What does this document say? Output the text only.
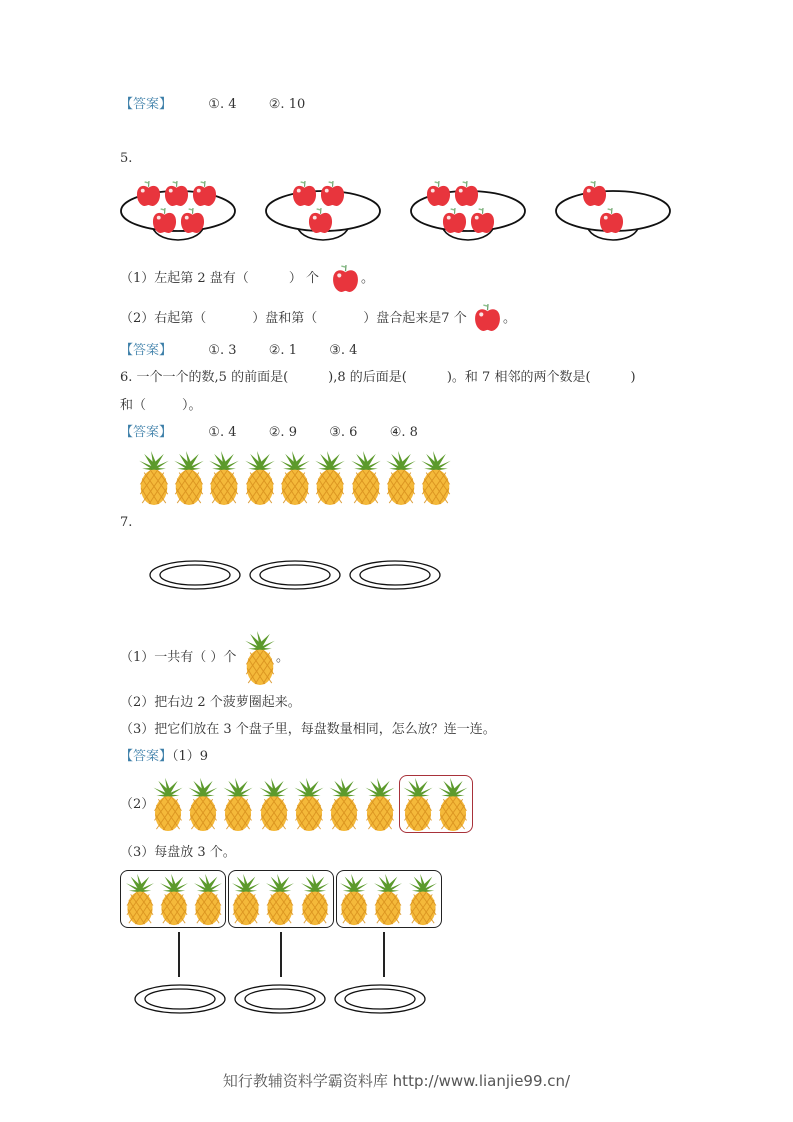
【答案】	①. 4 ②. 10
5.
（1）左起第 2 盘有（	） 个	。
（2）右起第（	）盘和第（	）盘合起来是7 个	。
【答案】	①. 3 ②. 1 ③. 4
6. 一个一个的数,5 的前面是(	),8 的后面是(	)。和 7 相邻的两个数是(	)
和（	）。
【答案】	①. 4 ②. 9 ③. 6 ④. 8
7.
（1）一共有（ ）个	。
（2）把右边 2 个菠萝圈起来。
（3）把它们放在 3 个盘子里，每盘数量相同，怎么放？连一连。
【答案】（1）9
（2）
（3）每盘放 3 个。
知行教辅资料学霸资料库 http://www.lianjie99.cn/
